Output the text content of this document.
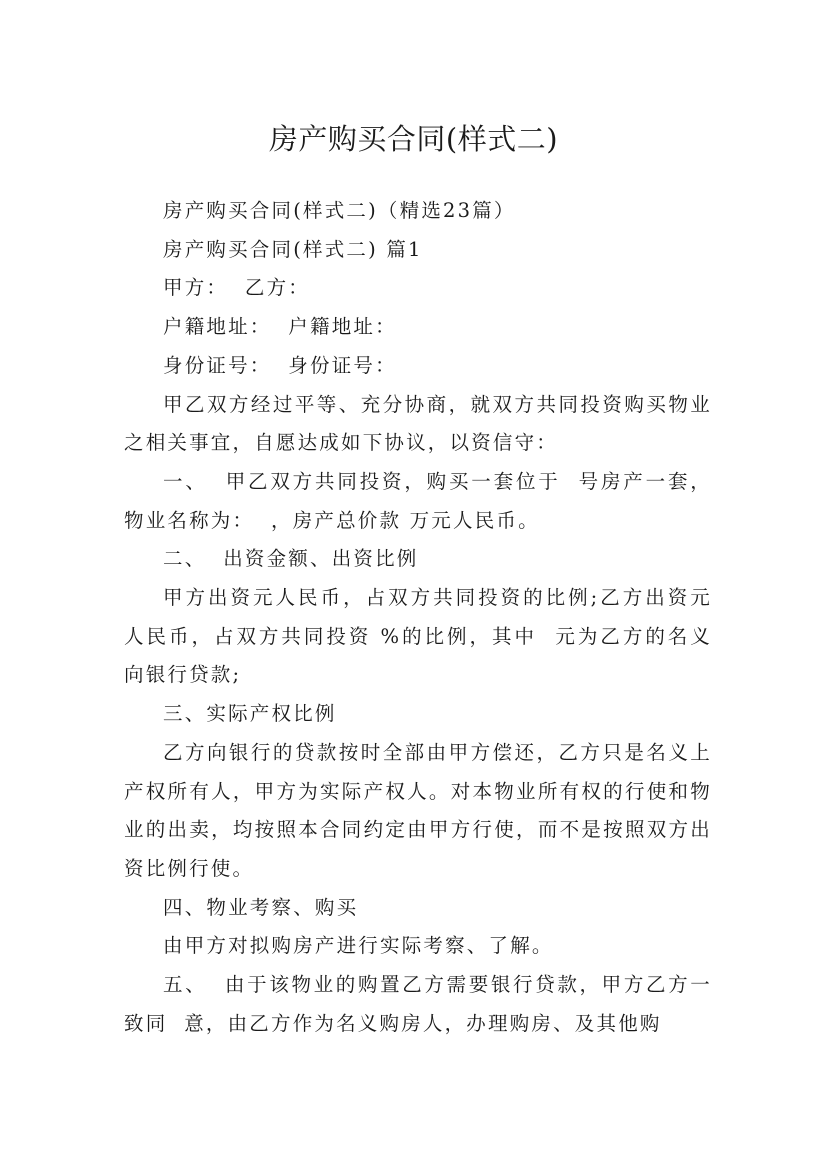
房产购买合同(样式二)

房产购买合同(样式二)（精选23篇）

房产购买合同(样式二) 篇1

甲方：  乙方：

户籍地址：  户籍地址：

身份证号：  身份证号：

甲乙双方经过平等、充分协商，就双方共同投资购买物业之相关事宜，自愿达成如下协议，以资信守：

一、  甲乙双方共同投资，购买一套位于  号房产一套，物业名称为：  ，房产总价款 万元人民币。

二、  出资金额、出资比例

甲方出资元人民币，占双方共同投资的比例;乙方出资元人民币，占双方共同投资 %的比例，其中  元为乙方的名义向银行贷款;

三、实际产权比例

乙方向银行的贷款按时全部由甲方偿还，乙方只是名义上产权所有人，甲方为实际产权人。对本物业所有权的行使和物业的出卖，均按照本合同约定由甲方行使，而不是按照双方出资比例行使。

四、物业考察、购买

由甲方对拟购房产进行实际考察、了解。

五、  由于该物业的购置乙方需要银行贷款，甲方乙方一致同  意，由乙方作为名义购房人，办理购房、及其他购
